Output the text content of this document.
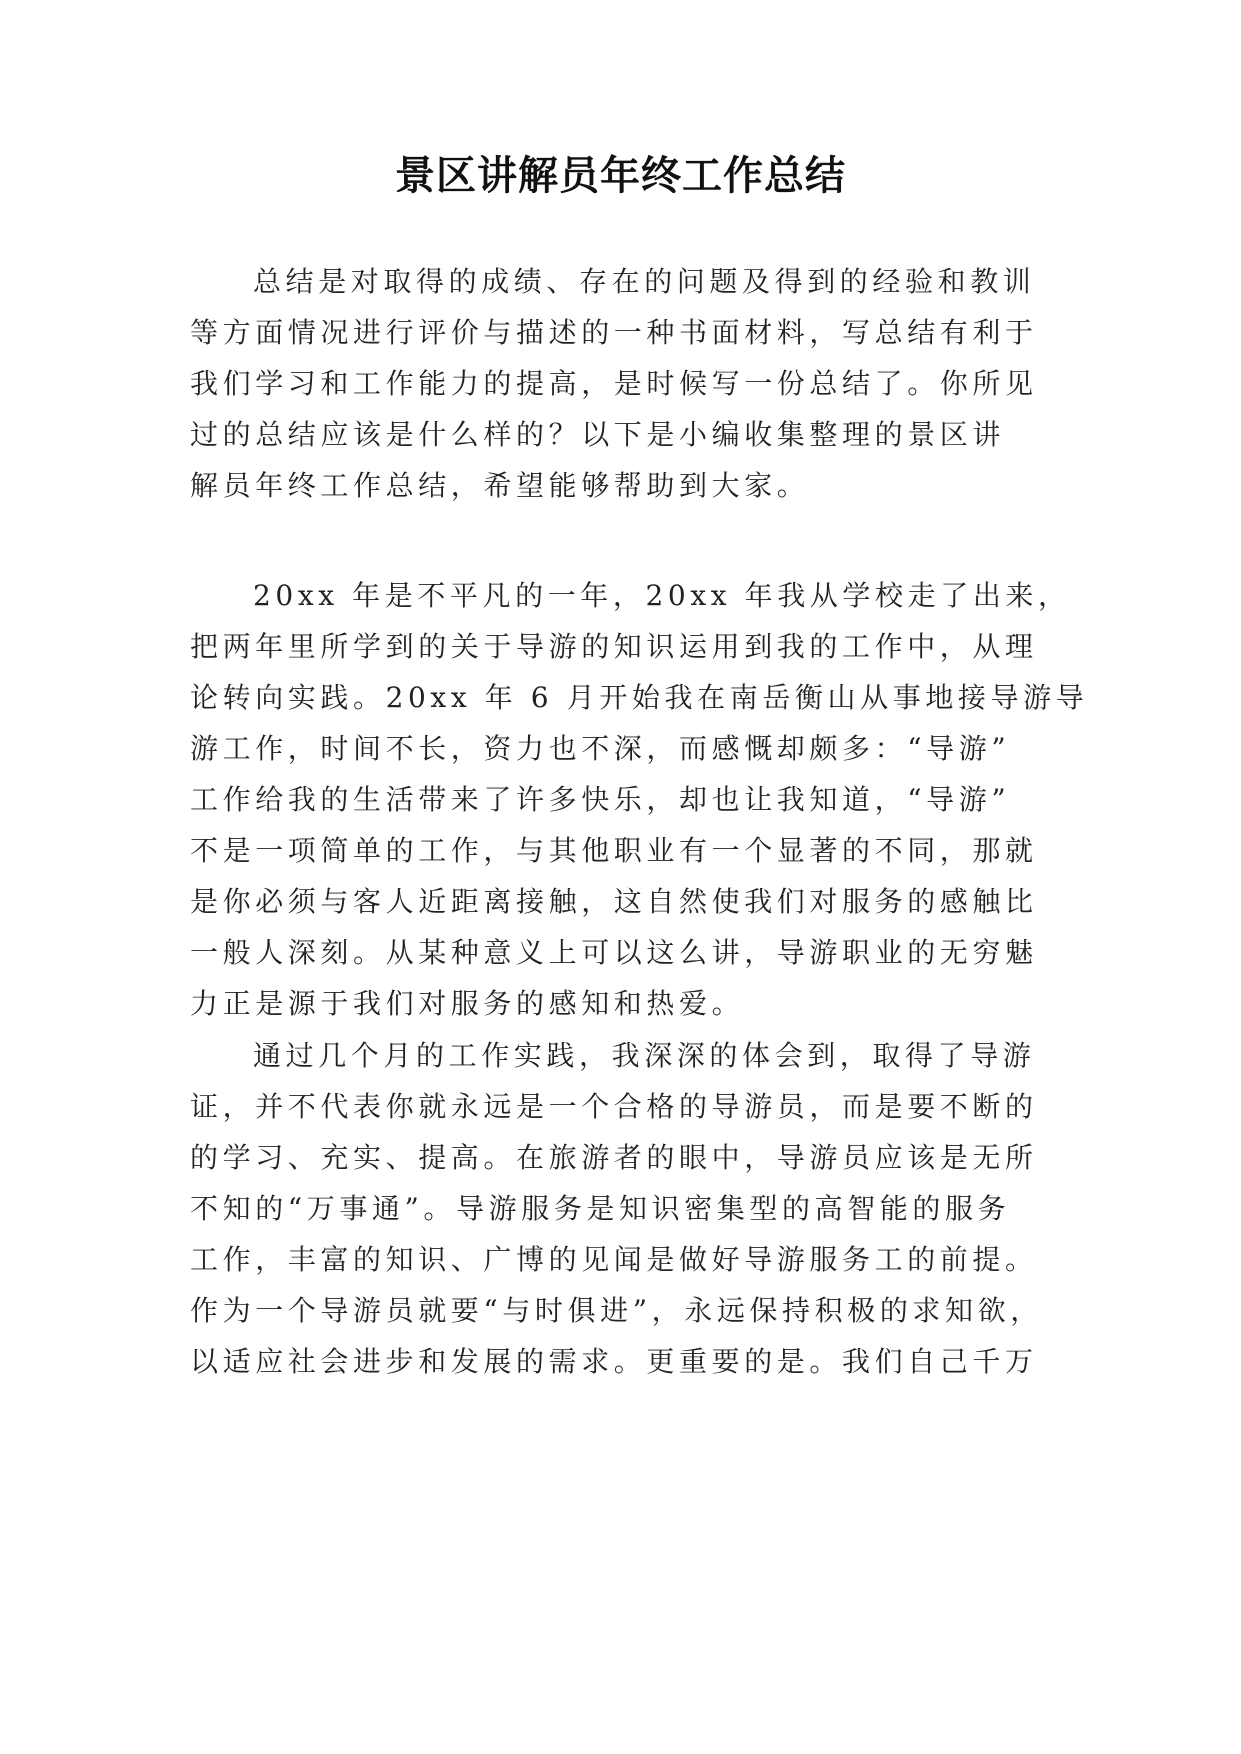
景区讲解员年终工作总结
总结是对取得的成绩、存在的问题及得到的经验和教训
等方面情况进行评价与描述的一种书面材料，写总结有利于
我们学习和工作能力的提高，是时候写一份总结了。你所见
过的总结应该是什么样的？以下是小编收集整理的景区讲
解员年终工作总结，希望能够帮助到大家。
20xx 年是不平凡的一年，20xx 年我从学校走了出来，
把两年里所学到的关于导游的知识运用到我的工作中，从理
论转向实践。20xx 年 6 月开始我在南岳衡山从事地接导游导
游工作，时间不长，资力也不深，而感慨却颇多：“导游”
工作给我的生活带来了许多快乐，却也让我知道，“导游”
不是一项简单的工作，与其他职业有一个显著的不同，那就
是你必须与客人近距离接触，这自然使我们对服务的感触比
一般人深刻。从某种意义上可以这么讲，导游职业的无穷魅
力正是源于我们对服务的感知和热爱。
通过几个月的工作实践，我深深的体会到，取得了导游
证，并不代表你就永远是一个合格的导游员，而是要不断的
的学习、充实、提高。在旅游者的眼中，导游员应该是无所
不知的“万事通”。导游服务是知识密集型的高智能的服务
工作，丰富的知识、广博的见闻是做好导游服务工的前提。
作为一个导游员就要“与时俱进”，永远保持积极的求知欲，
以适应社会进步和发展的需求。更重要的是。我们自己千万
